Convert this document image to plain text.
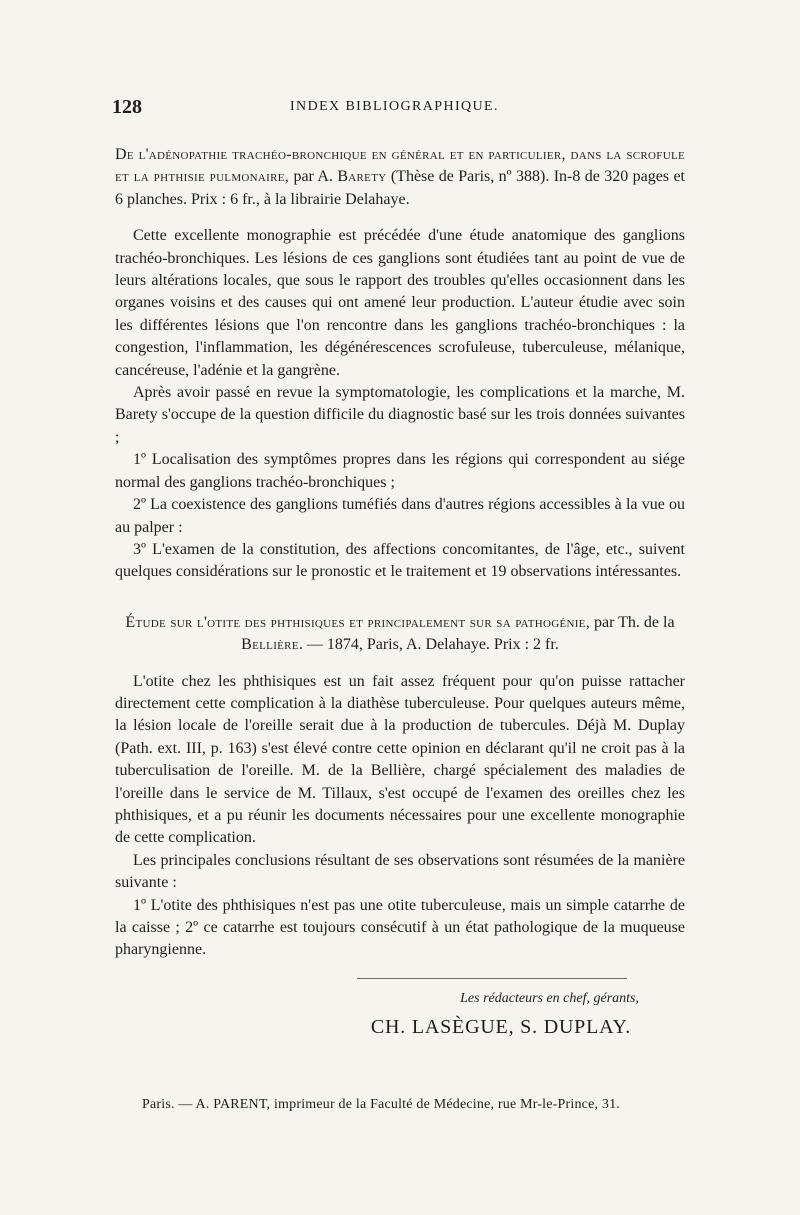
128	INDEX BIBLIOGRAPHIQUE.
De l'adénopathie trachéo-bronchique en général et en particulier, dans la scrofule et la phthisie pulmonaire, par A. Barety (Thèse de Paris, nº 388). In-8 de 320 pages et 6 planches. Prix : 6 fr., à la librairie Delahaye.

Cette excellente monographie est précédée d'une étude anatomique des ganglions trachéo-bronchiques. Les lésions de ces ganglions sont étudiées tant au point de vue de leurs altérations locales, que sous le rapport des troubles qu'elles occasionnent dans les organes voisins et des causes qui ont amené leur production. L'auteur étudie avec soin les différentes lésions que l'on rencontre dans les ganglions trachéo-bronchiques : la congestion, l'inflammation, les dégénérescences scrofuleuse, tuberculeuse, mélanique, cancéreuse, l'adénie et la gangrène.

Après avoir passé en revue la symptomatologie, les complications et la marche, M. Barety s'occupe de la question difficile du diagnostic basé sur les trois données suivantes ;

1º Localisation des symptômes propres dans les régions qui correspondent au siége normal des ganglions trachéo-bronchiques ;

2º La coexistence des ganglions tuméfiés dans d'autres régions accessibles à la vue ou au palper :

3º L'examen de la constitution, des affections concomitantes, de l'âge, etc., suivent quelques considérations sur le pronostic et le traitement et 19 observations intéressantes.

Étude sur l'otite des phthisiques et principalement sur sa pathogénie, par Th. de la Bellière. — 1874, Paris, A. Delahaye. Prix : 2 fr.

L'otite chez les phthisiques est un fait assez fréquent pour qu'on puisse rattacher directement cette complication à la diathèse tuberculeuse. Pour quelques auteurs même, la lésion locale de l'oreille serait due à la production de tubercules. Déjà M. Duplay (Path. ext. III, p. 163) s'est élevé contre cette opinion en déclarant qu'il ne croit pas à la tuberculisation de l'oreille. M. de la Bellière, chargé spécialement des maladies de l'oreille dans le service de M. Tillaux, s'est occupé de l'examen des oreilles chez les phthisiques, et a pu réunir les documents nécessaires pour une excellente monographie de cette complication.

Les principales conclusions résultant de ses observations sont résumées de la manière suivante :

1º L'otite des phthisiques n'est pas une otite tuberculeuse, mais un simple catarrhe de la caisse ; 2º ce catarrhe est toujours consécutif à un état pathologique de la muqueuse pharyngienne.

Les rédacteurs en chef, gérants,
CH. LASÈGUE, S. DUPLAY.
Paris. — A. PARENT, imprimeur de la Faculté de Médecine, rue Mr-le-Prince, 31.
